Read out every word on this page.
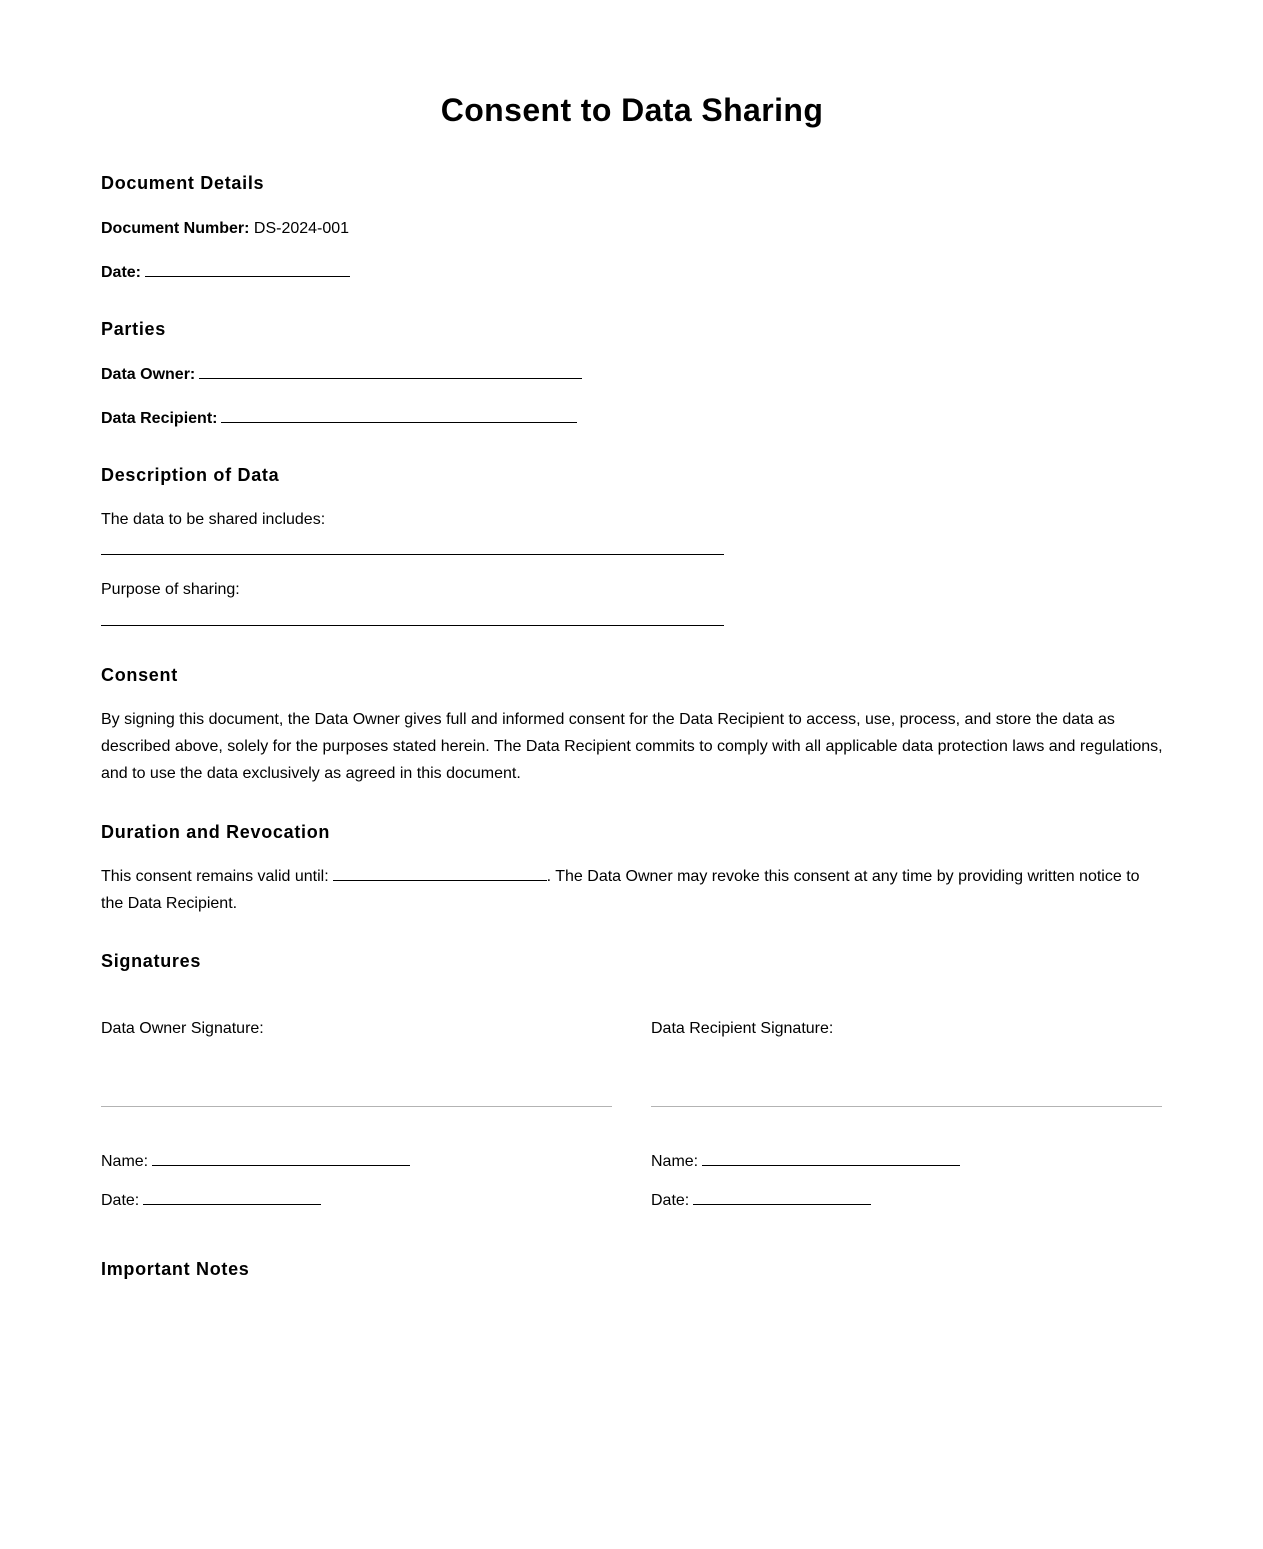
Consent to Data Sharing
Document Details
Document Number: DS-2024-001
Date:
Parties
Data Owner:
Data Recipient:
Description of Data
The data to be shared includes:
Purpose of sharing:
Consent

By signing this document, the Data Owner gives full and informed consent for the Data Recipient to access, use, process, and store the data as described above, solely for the purposes stated herein. The Data Recipient commits to comply with all applicable data protection laws and regulations, and to use the data exclusively as agreed in this document.

Duration and Revocation

This consent remains valid until:	. The Data Owner may revoke this consent at any time by providing written notice to the Data Recipient.

Signatures
Data Owner Signature:
Name:
Date:
Data Recipient Signature:
Name:
Date:
Important Notes
